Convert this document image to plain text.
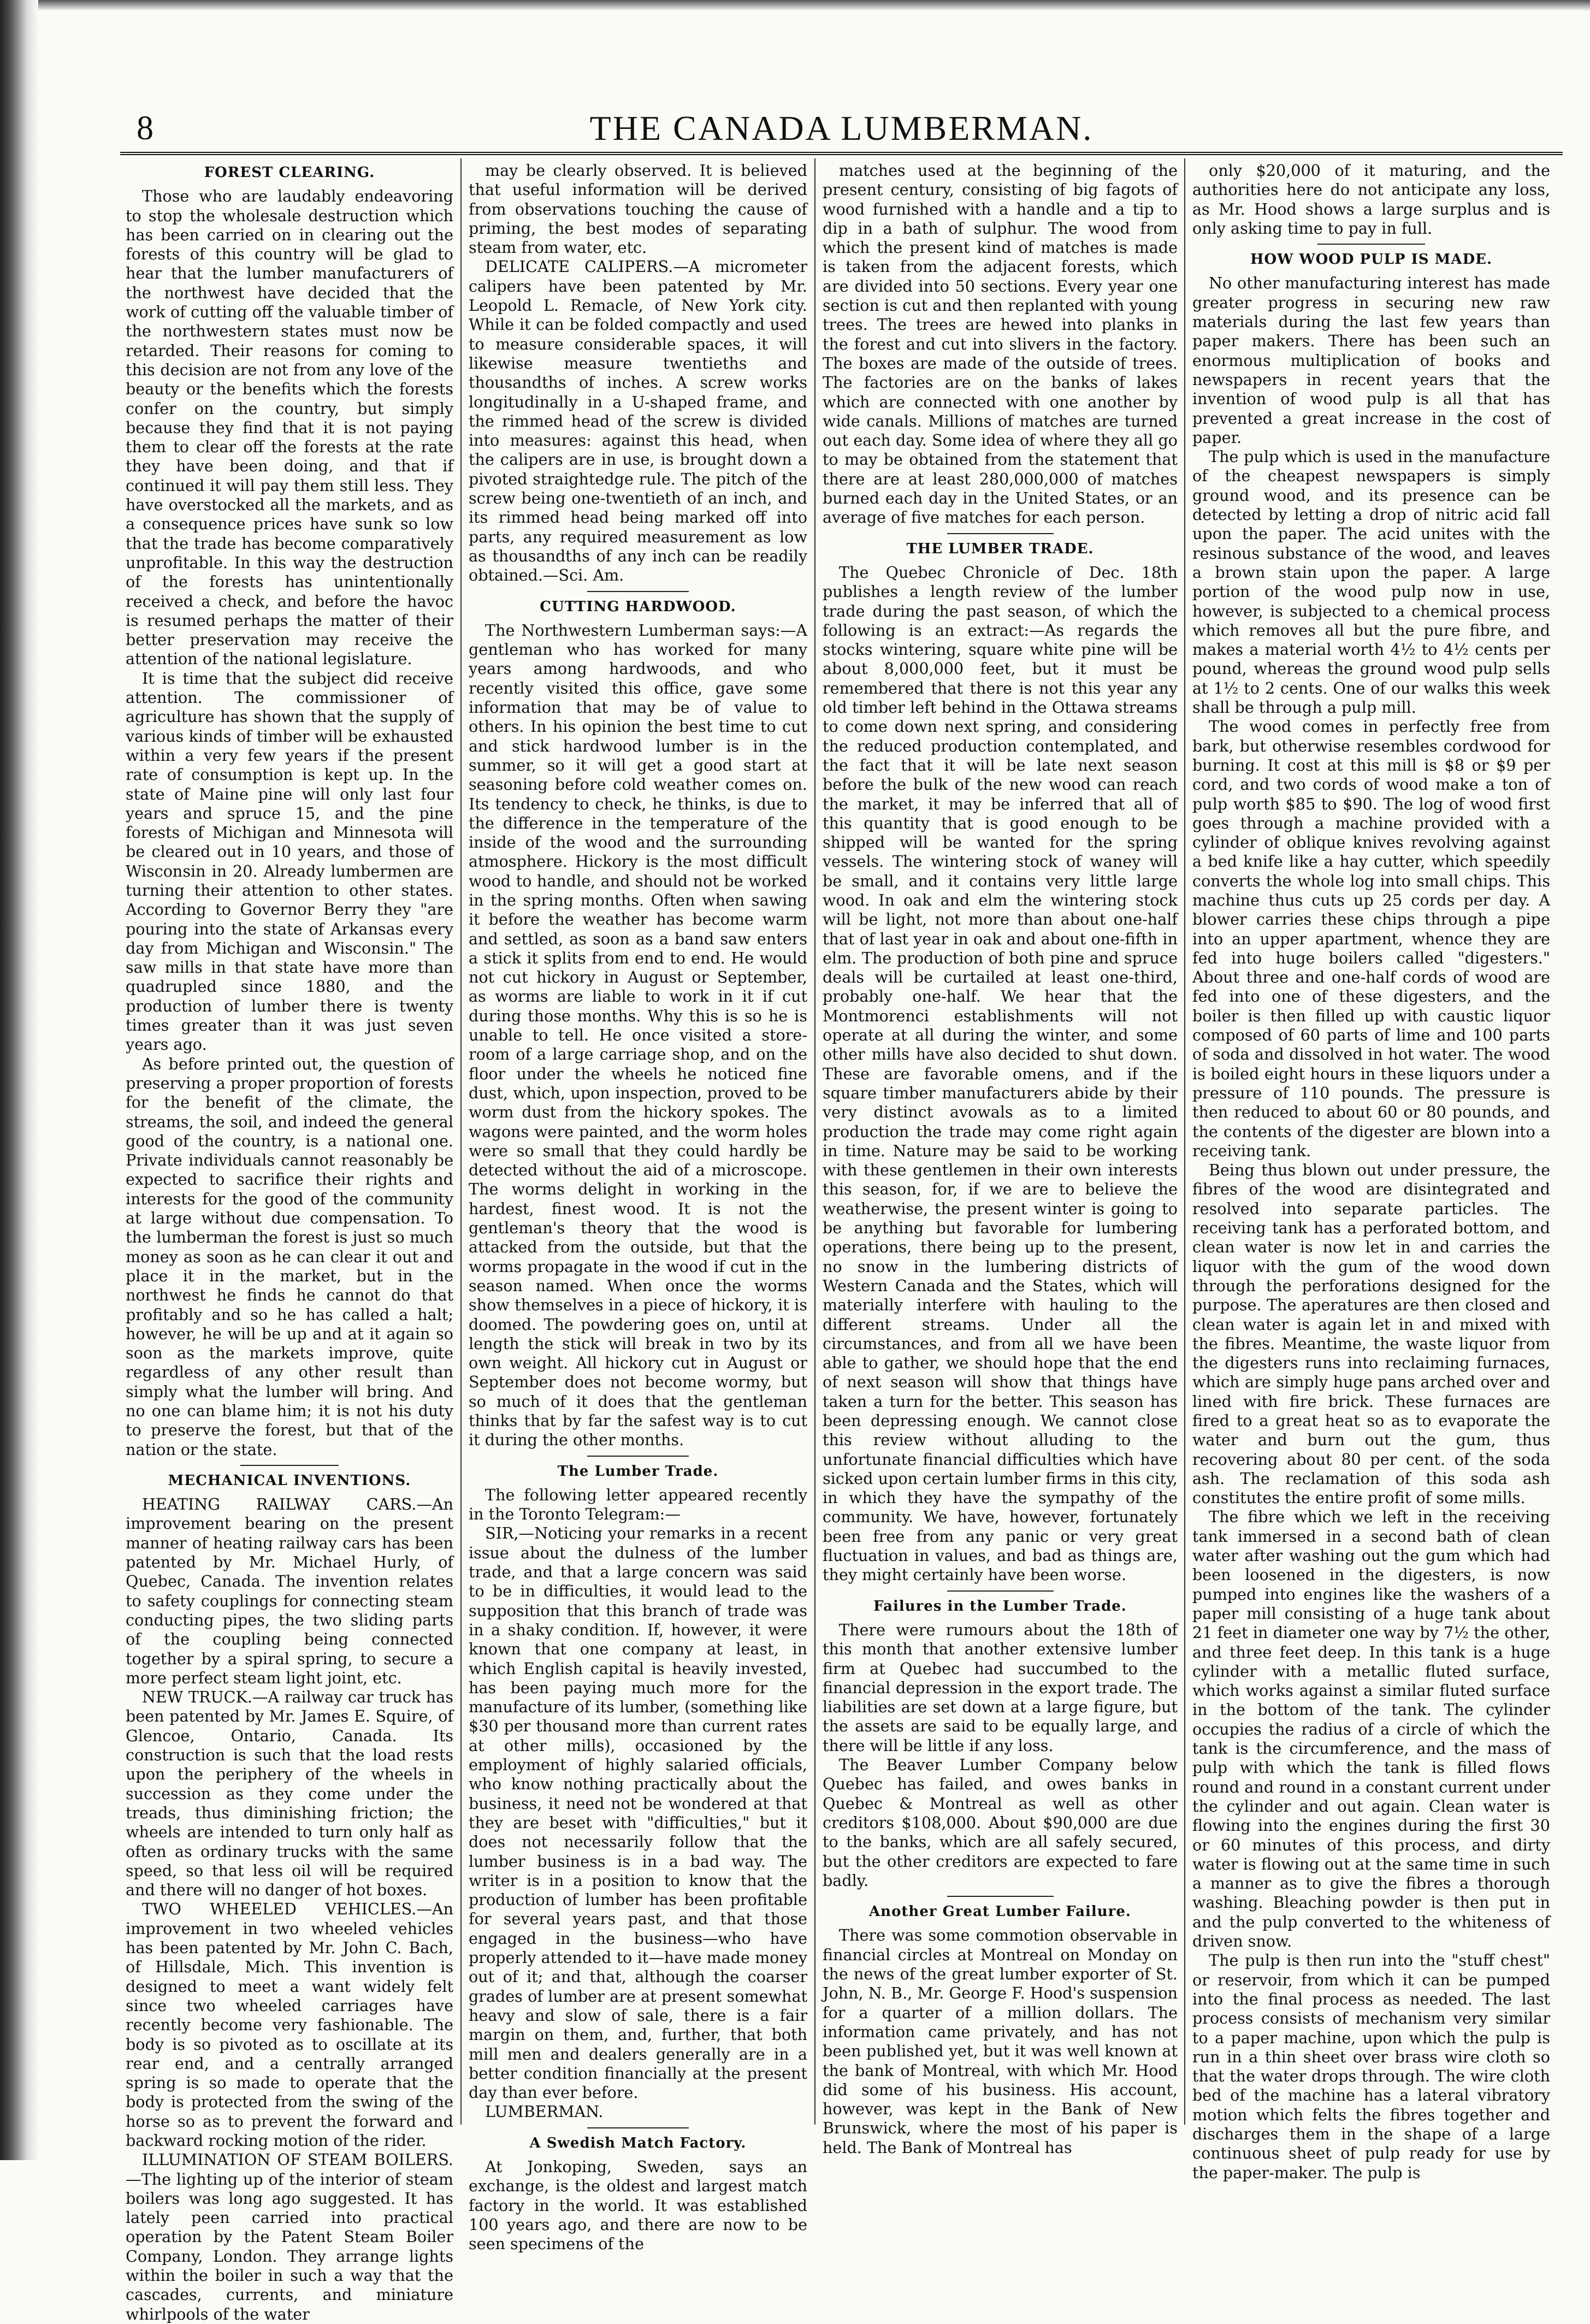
8	THE CANADA LUMBERMAN.
FOREST CLEARING.

Those who are laudably endeavoring to stop the wholesale destruction which has been carried on in clearing out the forests of this country will be glad to hear that the lumber manufacturers of the northwest have decided that the work of cutting off the valuable timber of the northwestern states must now be retarded. Their reasons for coming to this decision are not from any love of the beauty or the benefits which the forests confer on the country, but simply because they find that it is not paying them to clear off the forests at the rate they have been doing, and that if continued it will pay them still less. They have overstocked all the markets, and as a consequence prices have sunk so low that the trade has become comparatively unprofitable. In this way the destruction of the forests has unintentionally received a check, and before the havoc is resumed perhaps the matter of their better preservation may receive the attention of the national legislature.

It is time that the subject did receive attention. The commissioner of agriculture has shown that the supply of various kinds of timber will be exhausted within a very few years if the present rate of consumption is kept up. In the state of Maine pine will only last four years and spruce 15, and the pine forests of Michigan and Minnesota will be cleared out in 10 years, and those of Wisconsin in 20. Already lumbermen are turning their attention to other states. According to Governor Berry they "are pouring into the state of Arkansas every day from Michigan and Wisconsin." The saw mills in that state have more than quadrupled since 1880, and the production of lumber there is twenty times greater than it was just seven years ago.

As before printed out, the question of preserving a proper proportion of forests for the benefit of the climate, the streams, the soil, and indeed the general good of the country, is a national one. Private individuals cannot reasonably be expected to sacrifice their rights and interests for the good of the community at large without due compensation. To the lumberman the forest is just so much money as soon as he can clear it out and place it in the market, but in the northwest he finds he cannot do that profitably and so he has called a halt; however, he will be up and at it again so soon as the markets improve, quite regardless of any other result than simply what the lumber will bring. And no one can blame him; it is not his duty to preserve the forest, but that of the nation or the state.

MECHANICAL INVENTIONS.

HEATING RAILWAY CARS.—An improvement bearing on the present manner of heating railway cars has been patented by Mr. Michael Hurly, of Quebec, Canada. The invention relates to safety couplings for connecting steam conducting pipes, the two sliding parts of the coupling being connected together by a spiral spring, to secure a more perfect steam light joint, etc.

NEW TRUCK.—A railway car truck has been patented by Mr. James E. Squire, of Glencoe, Ontario, Canada. Its construction is such that the load rests upon the periphery of the wheels in succession as they come under the treads, thus diminishing friction; the wheels are intended to turn only half as often as ordinary trucks with the same speed, so that less oil will be required and there will no danger of hot boxes.

TWO WHEELED VEHICLES.—An improvement in two wheeled vehicles has been patented by Mr. John C. Bach, of Hillsdale, Mich. This invention is designed to meet a want widely felt since two wheeled carriages have recently become very fashionable. The body is so pivoted as to oscillate at its rear end, and a centrally arranged spring is so made to operate that the body is protected from the swing of the horse so as to prevent the forward and backward rocking motion of the rider.

ILLUMINATION OF STEAM BOILERS.—The lighting up of the interior of steam boilers was long ago suggested. It has lately peen carried into practical operation by the Patent Steam Boiler Company, London. They arrange lights within the boiler in such a way that the cascades, currents, and miniature whirlpools of the water

may be clearly observed. It is believed that useful information will be derived from observations touching the cause of priming, the best modes of separating steam from water, etc.

DELICATE CALIPERS.—A micrometer calipers have been patented by Mr. Leopold L. Remacle, of New York city. While it can be folded compactly and used to measure considerable spaces, it will likewise measure twentieths and thousandths of inches. A screw works longitudinally in a U-shaped frame, and the rimmed head of the screw is divided into measures: against this head, when the calipers are in use, is brought down a pivoted straightedge rule. The pitch of the screw being one-twentieth of an inch, and its rimmed head being marked off into parts, any required measurement as low as thousandths of any inch can be readily obtained.—Sci. Am.

CUTTING HARDWOOD.

The Northwestern Lumberman says:—A gentleman who has worked for many years among hardwoods, and who recently visited this office, gave some information that may be of value to others. In his opinion the best time to cut and stick hardwood lumber is in the summer, so it will get a good start at seasoning before cold weather comes on. Its tendency to check, he thinks, is due to the difference in the temperature of the inside of the wood and the surrounding atmosphere. Hickory is the most difficult wood to handle, and should not be worked in the spring months. Often when sawing it before the weather has become warm and settled, as soon as a band saw enters a stick it splits from end to end. He would not cut hickory in August or September, as worms are liable to work in it if cut during those months. Why this is so he is unable to tell. He once visited a store-room of a large carriage shop, and on the floor under the wheels he noticed fine dust, which, upon inspection, proved to be worm dust from the hickory spokes. The wagons were painted, and the worm holes were so small that they could hardly be detected without the aid of a microscope. The worms delight in working in the hardest, finest wood. It is not the gentleman's theory that the wood is attacked from the outside, but that the worms propagate in the wood if cut in the season named. When once the worms show themselves in a piece of hickory, it is doomed. The powdering goes on, until at length the stick will break in two by its own weight. All hickory cut in August or September does not become wormy, but so much of it does that the gentleman thinks that by far the safest way is to cut it during the other months.

The Lumber Trade.

The following letter appeared recently in the Toronto Telegram:—

SIR,—Noticing your remarks in a recent issue about the dulness of the lumber trade, and that a large concern was said to be in difficulties, it would lead to the supposition that this branch of trade was in a shaky condition. If, however, it were known that one company at least, in which English capital is heavily invested, has been paying much more for the manufacture of its lumber, (something like $30 per thousand more than current rates at other mills), occasioned by the employment of highly salaried officials, who know nothing practically about the business, it need not be wondered at that they are beset with "difficulties," but it does not necessarily follow that the lumber business is in a bad way. The writer is in a position to know that the production of lumber has been profitable for several years past, and that those engaged in the business—who have properly attended to it—have made money out of it; and that, although the coarser grades of lumber are at present somewhat heavy and slow of sale, there is a fair margin on them, and, further, that both mill men and dealers generally are in a better condition financially at the present day than ever before.

LUMBERMAN.

A Swedish Match Factory.

At Jonkoping, Sweden, says an exchange, is the oldest and largest match factory in the world. It was established 100 years ago, and there are now to be seen specimens of the

matches used at the beginning of the present century, consisting of big fagots of wood furnished with a handle and a tip to dip in a bath of sulphur. The wood from which the present kind of matches is made is taken from the adjacent forests, which are divided into 50 sections. Every year one section is cut and then replanted with young trees. The trees are hewed into planks in the forest and cut into slivers in the factory. The boxes are made of the outside of trees. The factories are on the banks of lakes which are connected with one another by wide canals. Millions of matches are turned out each day. Some idea of where they all go to may be obtained from the statement that there are at least 280,000,000 of matches burned each day in the United States, or an average of five matches for each person.

THE LUMBER TRADE.

The Quebec Chronicle of Dec. 18th publishes a length review of the lumber trade during the past season, of which the following is an extract:—As regards the stocks wintering, square white pine will be about 8,000,000 feet, but it must be remembered that there is not this year any old timber left behind in the Ottawa streams to come down next spring, and considering the reduced production contemplated, and the fact that it will be late next season before the bulk of the new wood can reach the market, it may be inferred that all of this quantity that is good enough to be shipped will be wanted for the spring vessels. The wintering stock of waney will be small, and it contains very little large wood. In oak and elm the wintering stock will be light, not more than about one-half that of last year in oak and about one-fifth in elm. The production of both pine and spruce deals will be curtailed at least one-third, probably one-half. We hear that the Montmorenci establishments will not operate at all during the winter, and some other mills have also decided to shut down. These are favorable omens, and if the square timber manufacturers abide by their very distinct avowals as to a limited production the trade may come right again in time. Nature may be said to be working with these gentlemen in their own interests this season, for, if we are to believe the weatherwise, the present winter is going to be anything but favorable for lumbering operations, there being up to the present, no snow in the lumbering districts of Western Canada and the States, which will materially interfere with hauling to the different streams. Under all the circumstances, and from all we have been able to gather, we should hope that the end of next season will show that things have taken a turn for the better. This season has been depressing enough. We cannot close this review without alluding to the unfortunate financial difficulties which have sicked upon certain lumber firms in this city, in which they have the sympathy of the community. We have, however, fortunately been free from any panic or very great fluctuation in values, and bad as things are, they might certainly have been worse.

Failures in the Lumber Trade.

There were rumours about the 18th of this month that another extensive lumber firm at Quebec had succumbed to the financial depression in the export trade. The liabilities are set down at a large figure, but the assets are said to be equally large, and there will be little if any loss.

The Beaver Lumber Company below Quebec has failed, and owes banks in Quebec & Montreal as well as other creditors $108,000. About $90,000 are due to the banks, which are all safely secured, but the other creditors are expected to fare badly.

Another Great Lumber Failure.

There was some commotion observable in financial circles at Montreal on Monday on the news of the great lumber exporter of St. John, N. B., Mr. George F. Hood's suspension for a quarter of a million dollars. The information came privately, and has not been published yet, but it was well known at the bank of Montreal, with which Mr. Hood did some of his business. His account, however, was kept in the Bank of New Brunswick, where the most of his paper is held. The Bank of Montreal has

only $20,000 of it maturing, and the authorities here do not anticipate any loss, as Mr. Hood shows a large surplus and is only asking time to pay in full.

HOW WOOD PULP IS MADE.

No other manufacturing interest has made greater progress in securing new raw materials during the last few years than paper makers. There has been such an enormous multiplication of books and newspapers in recent years that the invention of wood pulp is all that has prevented a great increase in the cost of paper.

The pulp which is used in the manufacture of the cheapest newspapers is simply ground wood, and its presence can be detected by letting a drop of nitric acid fall upon the paper. The acid unites with the resinous substance of the wood, and leaves a brown stain upon the paper. A large portion of the wood pulp now in use, however, is subjected to a chemical process which removes all but the pure fibre, and makes a material worth 4½ to 4½ cents per pound, whereas the ground wood pulp sells at 1½ to 2 cents. One of our walks this week shall be through a pulp mill.

The wood comes in perfectly free from bark, but otherwise resembles cordwood for burning. It cost at this mill is $8 or $9 per cord, and two cords of wood make a ton of pulp worth $85 to $90. The log of wood first goes through a machine provided with a cylinder of oblique knives revolving against a bed knife like a hay cutter, which speedily converts the whole log into small chips. This machine thus cuts up 25 cords per day. A blower carries these chips through a pipe into an upper apartment, whence they are fed into huge boilers called "digesters." About three and one-half cords of wood are fed into one of these digesters, and the boiler is then filled up with caustic liquor composed of 60 parts of lime and 100 parts of soda and dissolved in hot water. The wood is boiled eight hours in these liquors under a pressure of 110 pounds. The pressure is then reduced to about 60 or 80 pounds, and the contents of the digester are blown into a receiving tank.

Being thus blown out under pressure, the fibres of the wood are disintegrated and resolved into separate particles. The receiving tank has a perforated bottom, and clean water is now let in and carries the liquor with the gum of the wood down through the perforations designed for the purpose. The aperatures are then closed and clean water is again let in and mixed with the fibres. Meantime, the waste liquor from the digesters runs into reclaiming furnaces, which are simply huge pans arched over and lined with fire brick. These furnaces are fired to a great heat so as to evaporate the water and burn out the gum, thus recovering about 80 per cent. of the soda ash. The reclamation of this soda ash constitutes the entire profit of some mills.

The fibre which we left in the receiving tank immersed in a second bath of clean water after washing out the gum which had been loosened in the digesters, is now pumped into engines like the washers of a paper mill consisting of a huge tank about 21 feet in diameter one way by 7½ the other, and three feet deep. In this tank is a huge cylinder with a metallic fluted surface, which works against a similar fluted surface in the bottom of the tank. The cylinder occupies the radius of a circle of which the tank is the circumference, and the mass of pulp with which the tank is filled flows round and round in a constant current under the cylinder and out again. Clean water is flowing into the engines during the first 30 or 60 minutes of this process, and dirty water is flowing out at the same time in such a manner as to give the fibres a thorough washing. Bleaching powder is then put in and the pulp converted to the whiteness of driven snow.

The pulp is then run into the "stuff chest" or reservoir, from which it can be pumped into the final process as needed. The last process consists of mechanism very similar to a paper machine, upon which the pulp is run in a thin sheet over brass wire cloth so that the water drops through. The wire cloth bed of the machine has a lateral vibratory motion which felts the fibres together and discharges them in the shape of a large continuous sheet of pulp ready for use by the paper-maker. The pulp is
